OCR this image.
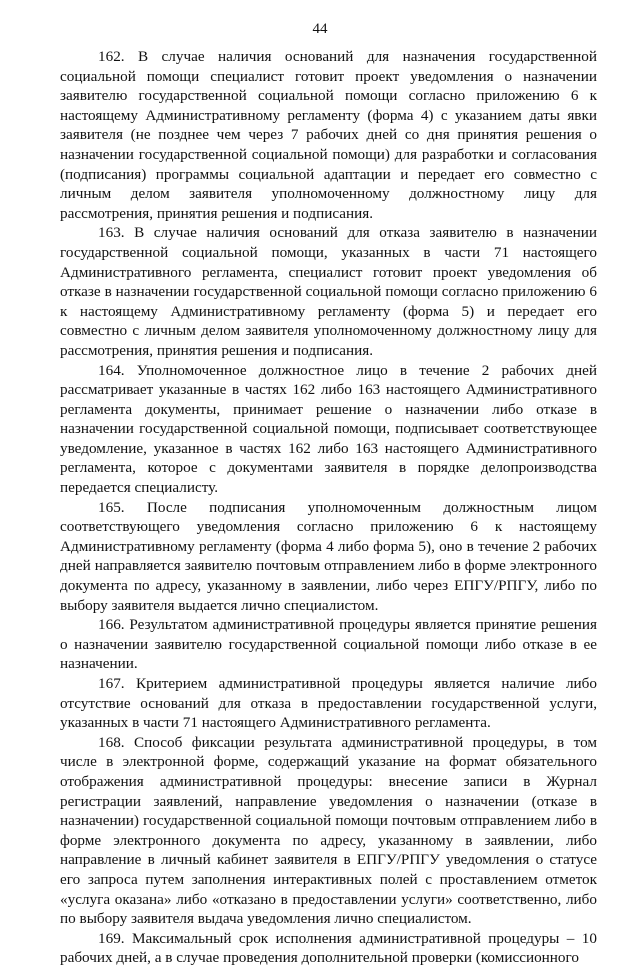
44

162. В случае наличия оснований для назначения государственной социальной помощи специалист готовит проект уведомления о назначении заявителю государственной социальной помощи согласно приложению 6 к настоящему Административному регламенту (форма 4) с указанием даты явки заявителя (не позднее чем через 7 рабочих дней со дня принятия решения о назначении государственной социальной помощи) для разработки и согласования (подписания) программы социальной адаптации и передает его совместно с личным делом заявителя уполномоченному должностному лицу для рассмотрения, принятия решения и подписания.

163. В случае наличия оснований для отказа заявителю в назначении государственной социальной помощи, указанных в части 71 настоящего Административного регламента, специалист готовит проект уведомления об отказе в назначении государственной социальной помощи согласно приложению 6 к настоящему Административному регламенту (форма 5) и передает его совместно с личным делом заявителя уполномоченному должностному лицу для рассмотрения, принятия решения и подписания.

164. Уполномоченное должностное лицо в течение 2 рабочих дней рассматривает указанные в частях 162 либо 163 настоящего Административного регламента документы, принимает решение о назначении либо отказе в назначении государственной социальной помощи, подписывает соответствующее уведомление, указанное в частях 162 либо 163 настоящего Административного регламента, которое с документами заявителя в порядке делопроизводства передается специалисту.

165. После подписания уполномоченным должностным лицом соответствующего уведомления согласно приложению 6 к настоящему Административному регламенту (форма 4 либо форма 5), оно в течение 2 рабочих дней направляется заявителю почтовым отправлением либо в форме электронного документа по адресу, указанному в заявлении, либо через ЕПГУ/РПГУ, либо по выбору заявителя выдается лично специалистом.

166. Результатом административной процедуры является принятие решения о назначении заявителю государственной социальной помощи либо отказе в ее назначении.

167. Критерием административной процедуры является наличие либо отсутствие оснований для отказа в предоставлении государственной услуги, указанных в части 71 настоящего Административного регламента.

168. Способ фиксации результата административной процедуры, в том числе в электронной форме, содержащий указание на формат обязательного отображения административной процедуры: внесение записи в Журнал регистрации заявлений, направление уведомления о назначении (отказе в назначении) государственной социальной помощи почтовым отправлением либо в форме электронного документа по адресу, указанному в заявлении, либо направление в личный кабинет заявителя в ЕПГУ/РПГУ уведомления о статусе его запроса путем заполнения интерактивных полей с проставлением отметок «услуга оказана» либо «отказано в предоставлении услуги» соответственно, либо по выбору заявителя выдача уведомления лично специалистом.

169. Максимальный срок исполнения административной процедуры – 10 рабочих дней, а в случае проведения дополнительной проверки (комиссионного
